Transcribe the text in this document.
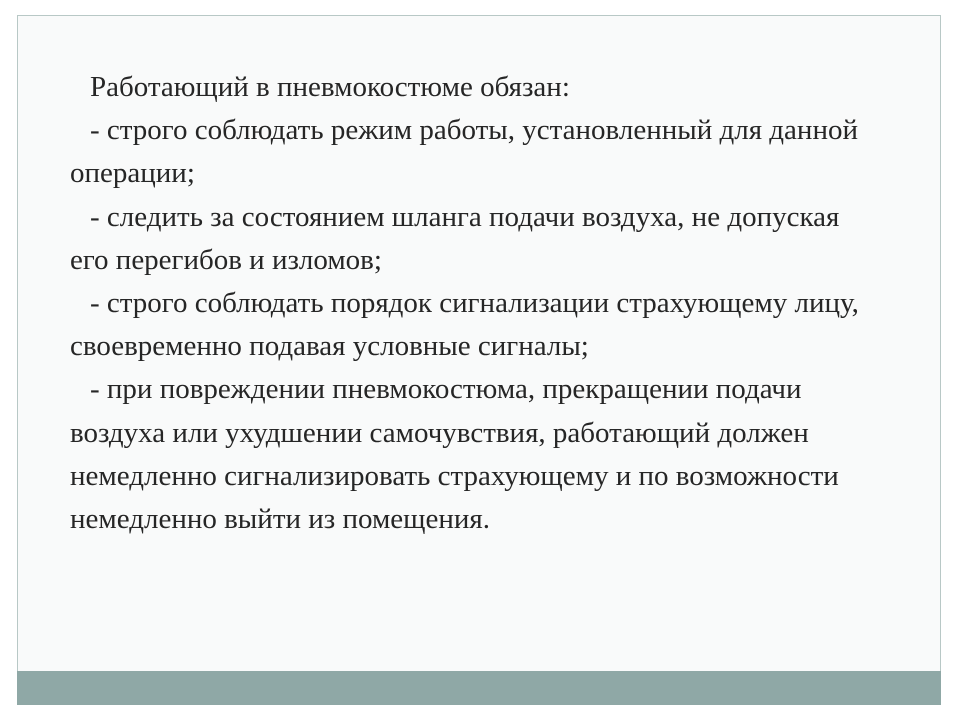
Работающий в пневмокостюме обязан:

- строго соблюдать режим работы, установленный для данной операции;

- следить за состоянием шланга подачи воздуха, не допуская его перегибов и изломов;

- строго соблюдать порядок сигнализации страхующему лицу, своевременно подавая условные сигналы;

- при повреждении пневмокостюма, прекращении подачи воздуха или ухудшении самочувствия, работающий должен немедленно сигнализировать страхующему и по возможности немедленно выйти из помещения.
